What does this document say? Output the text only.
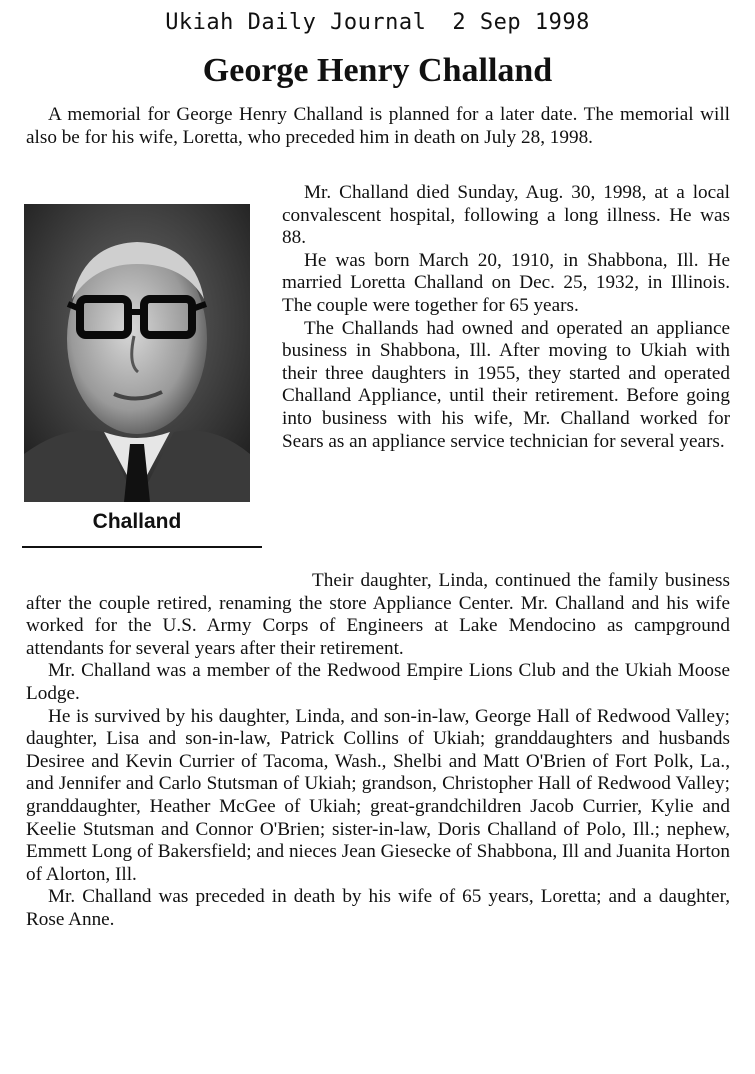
Ukiah Daily Journal 2 Sep 1998
George Henry Challand

A memorial for George Henry Challand is planned for a later date. The memorial will also be for his wife, Loretta, who preceded him in death on July 28, 1998.

Challand

Mr. Challand died Sunday, Aug. 30, 1998, at a local convalescent hospital, following a long illness. He was 88.

He was born March 20, 1910, in Shabbona, Ill. He married Loretta Challand on Dec. 25, 1932, in Illinois. The couple were together for 65 years.

The Challands had owned and operated an appliance business in Shabbona, Ill. After moving to Ukiah with their three daughters in 1955, they started and operated Challand Appliance, until their retirement. Before going into business with his wife, Mr. Challand worked for Sears as an appliance service technician for several years.

Their daughter, Linda, continued the family business after the couple retired, renaming the store Appliance Center. Mr. Challand and his wife worked for the U.S. Army Corps of Engineers at Lake Mendocino as campground attendants for several years after their retirement.

Mr. Challand was a member of the Redwood Empire Lions Club and the Ukiah Moose Lodge.

He is survived by his daughter, Linda, and son-in-law, George Hall of Redwood Valley; daughter, Lisa and son-in-law, Patrick Collins of Ukiah; granddaughters and husbands Desiree and Kevin Currier of Tacoma, Wash., Shelbi and Matt O'Brien of Fort Polk, La., and Jennifer and Carlo Stutsman of Ukiah; grandson, Christopher Hall of Redwood Valley; granddaughter, Heather McGee of Ukiah; great-grandchildren Jacob Currier, Kylie and Keelie Stutsman and Connor O'Brien; sister-in-law, Doris Challand of Polo, Ill.; nephew, Emmett Long of Bakersfield; and nieces Jean Giesecke of Shabbona, Ill and Juanita Horton of Alorton, Ill.

Mr. Challand was preceded in death by his wife of 65 years, Loretta; and a daughter, Rose Anne.
